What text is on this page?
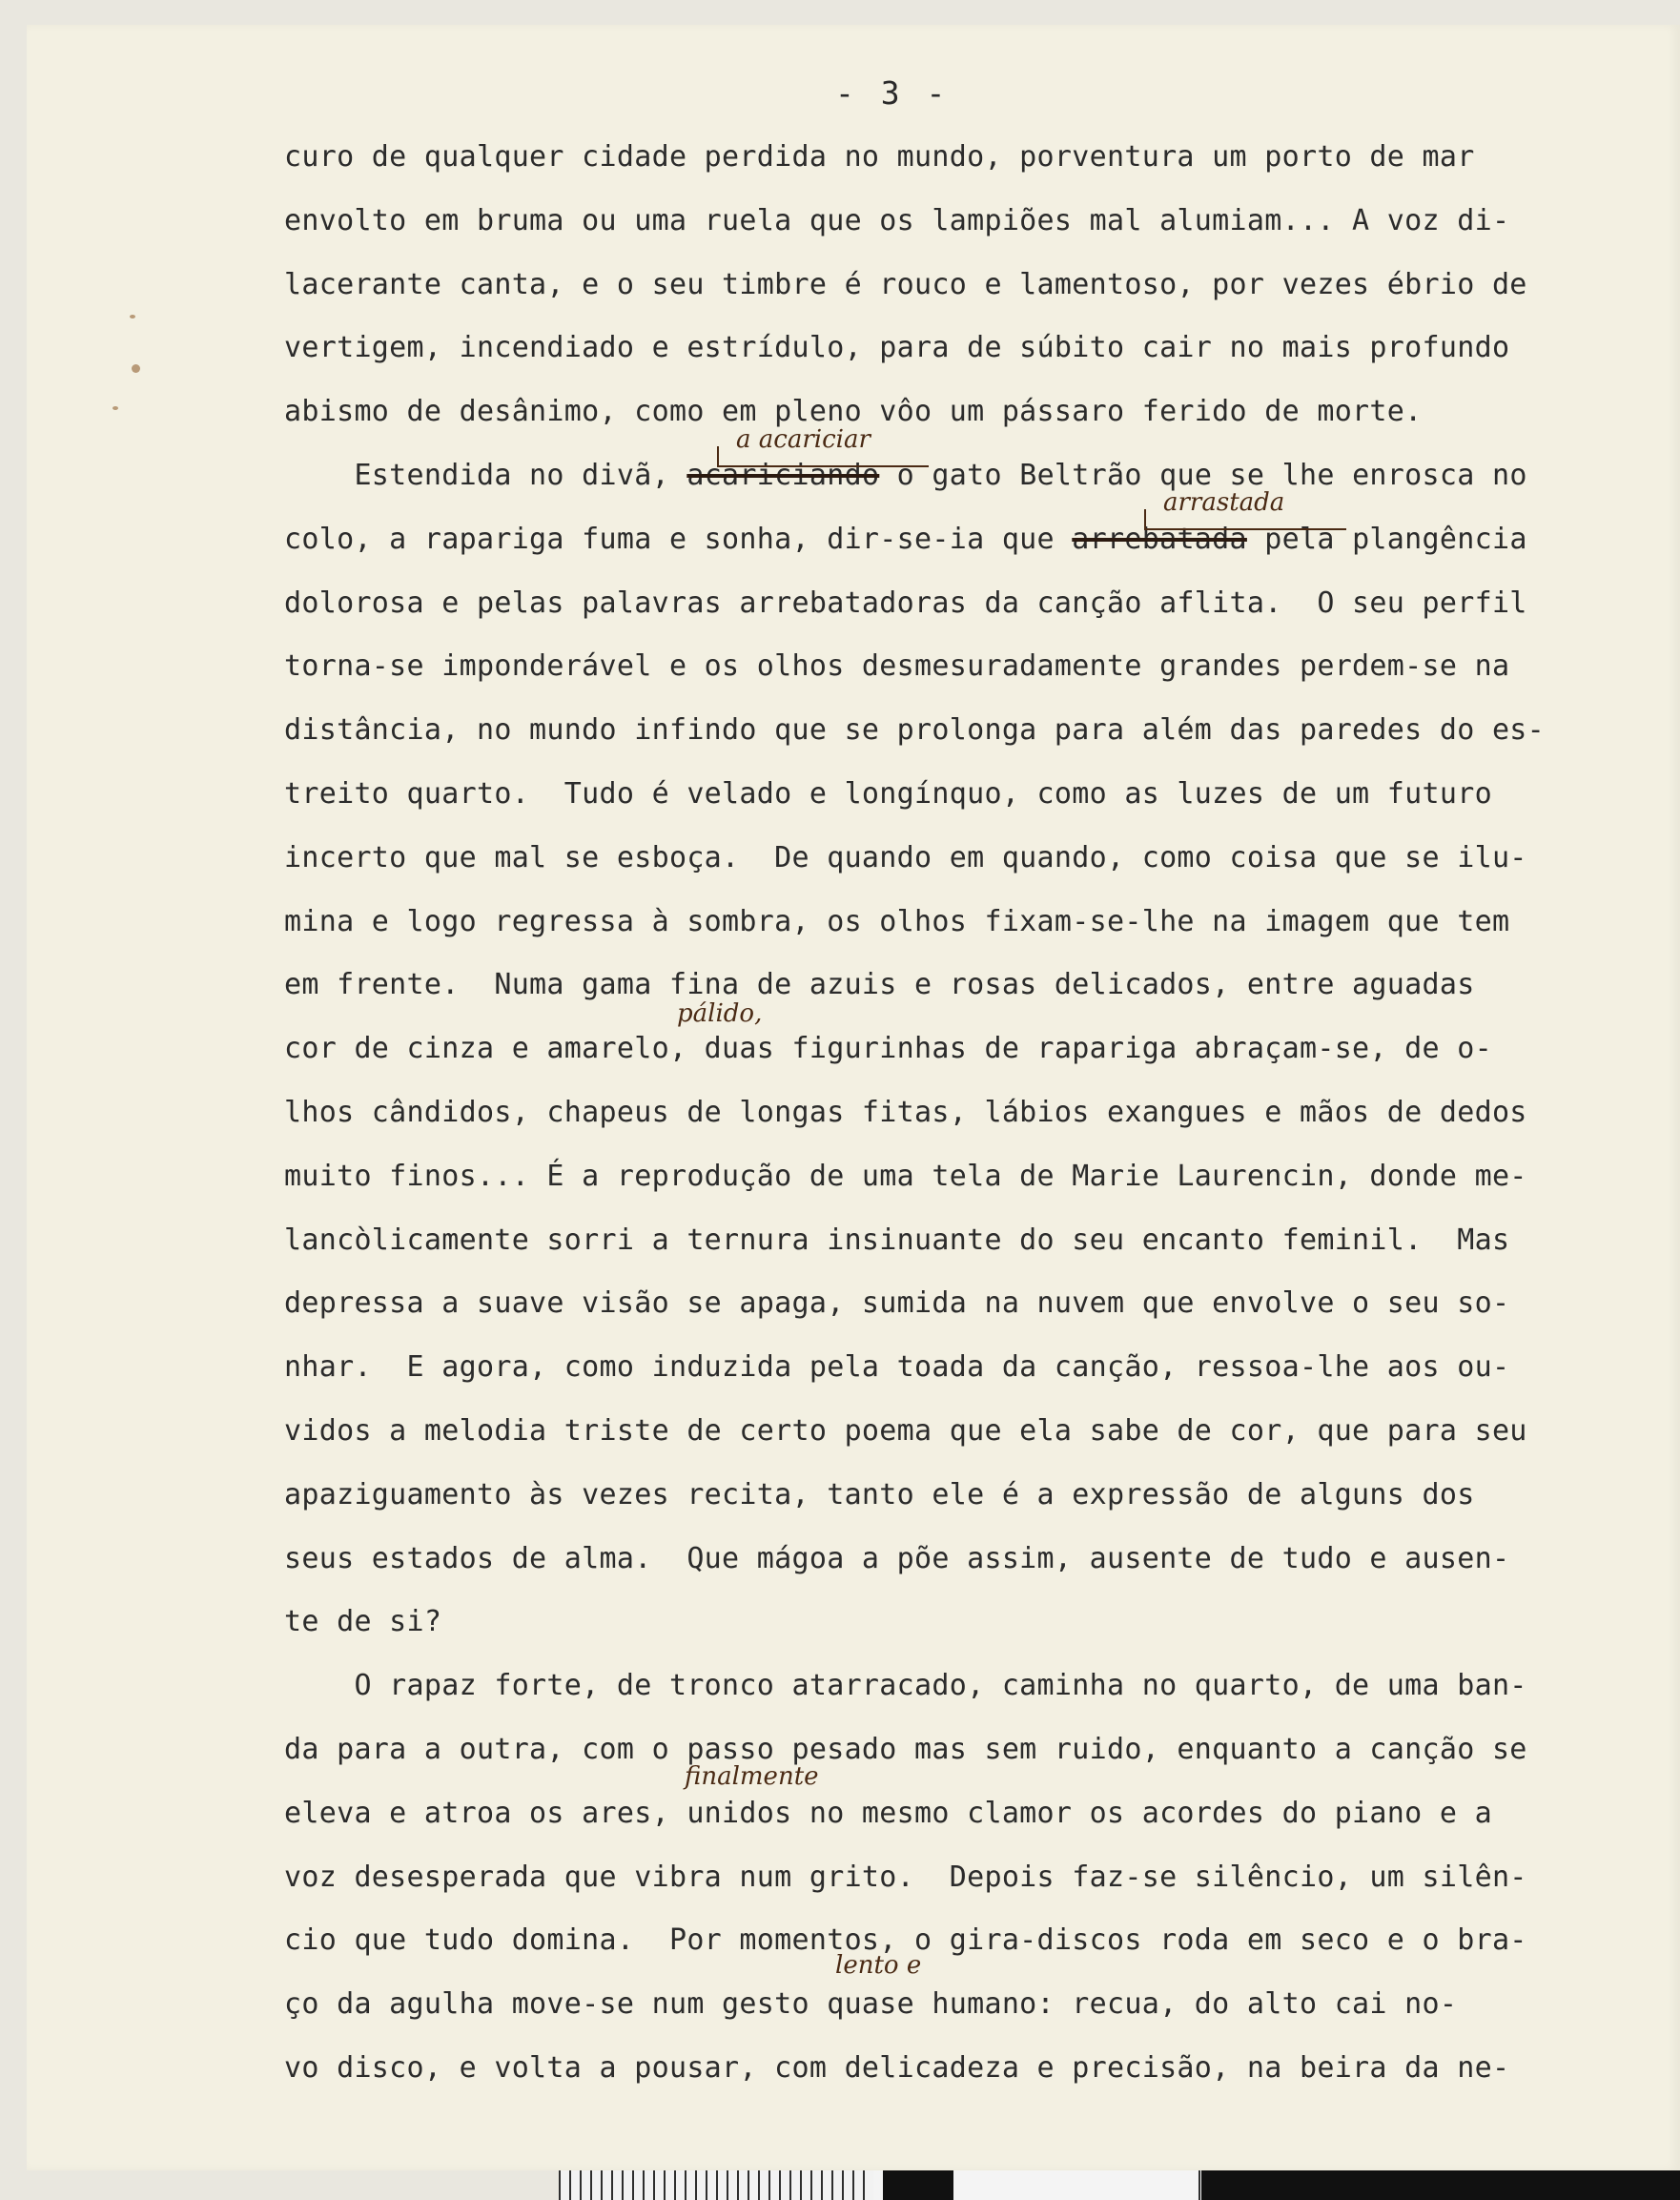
- 3 -
curo de qualquer cidade perdida no mundo, porventura um porto de mar
envolto em bruma ou uma ruela que os lampiões mal alumiam... A voz di-
lacerante canta, e o seu timbre é rouco e lamentoso, por vezes ébrio de
vertigem, incendiado e estrídulo, para de súbito cair no mais profundo
abismo de desânimo, como em pleno vôo um pássaro ferido de morte.
Estendida no divã, acariciando o gato Beltrão que se lhe enrosca no
colo, a rapariga fuma e sonha, dir-se-ia que arrebatada pela plangência
dolorosa e pelas palavras arrebatadoras da canção aflita.  O seu perfil
torna-se imponderável e os olhos desmesuradamente grandes perdem-se na
distância, no mundo infindo que se prolonga para além das paredes do es-
treito quarto.  Tudo é velado e longínquo, como as luzes de um futuro
incerto que mal se esboça.  De quando em quando, como coisa que se ilu-
mina e logo regressa à sombra, os olhos fixam-se-lhe na imagem que tem
em frente.  Numa gama fina de azuis e rosas delicados, entre aguadas
cor de cinza e amarelo, duas figurinhas de rapariga abraçam-se, de o-
lhos cândidos, chapeus de longas fitas, lábios exangues e mãos de dedos
muito finos... É a reprodução de uma tela de Marie Laurencin, donde me-
lancòlicamente sorri a ternura insinuante do seu encanto feminil.  Mas
depressa a suave visão se apaga, sumida na nuvem que envolve o seu so-
nhar.  E agora, como induzida pela toada da canção, ressoa-lhe aos ou-
vidos a melodia triste de certo poema que ela sabe de cor, que para seu
apaziguamento às vezes recita, tanto ele é a expressão de alguns dos
seus estados de alma.  Que mágoa a põe assim, ausente de tudo e ausen-
te de si?
O rapaz forte, de tronco atarracado, caminha no quarto, de uma ban-
da para a outra, com o passo pesado mas sem ruido, enquanto a canção se
eleva e atroa os ares, unidos no mesmo clamor os acordes do piano e a
voz desesperada que vibra num grito.  Depois faz-se silêncio, um silên-
cio que tudo domina.  Por momentos, o gira-discos roda em seco e o bra-
ço da agulha move-se num gesto quase humano: recua, do alto cai no-
vo disco, e volta a pousar, com delicadeza e precisão, na beira da ne-
a acariciar
arrastada
pálido,
finalmente
lento e
